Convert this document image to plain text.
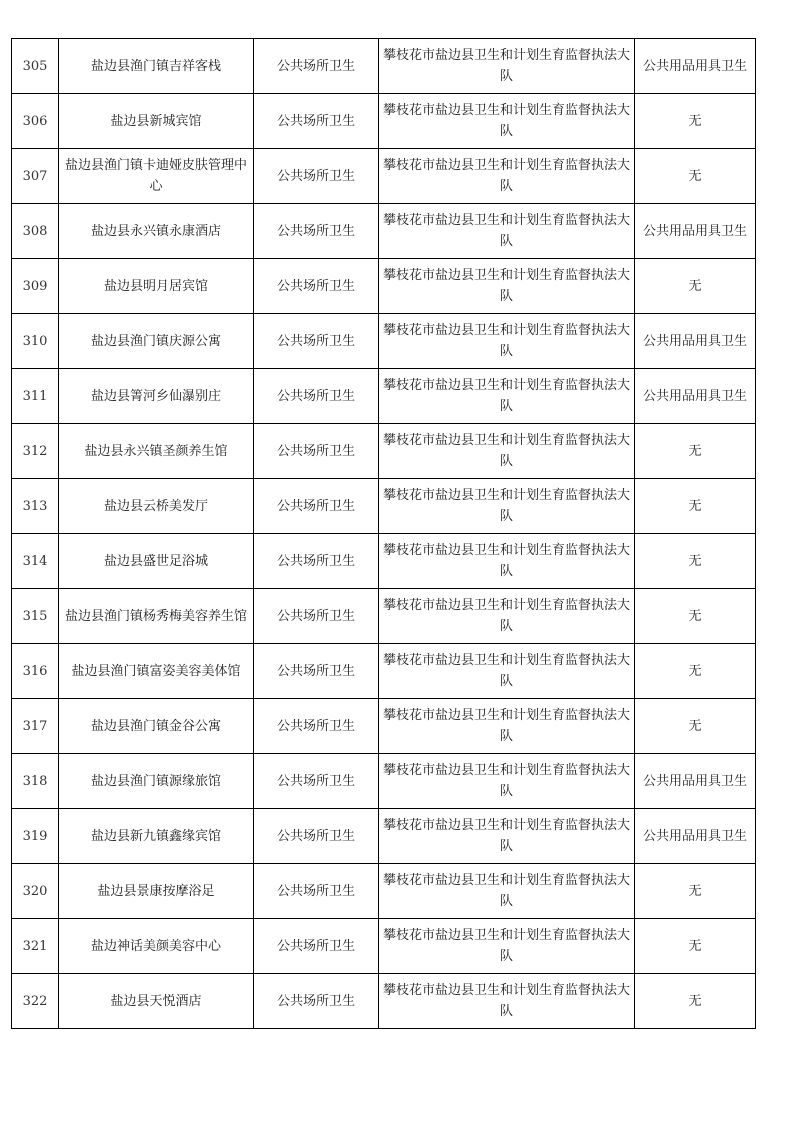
305	盐边县渔门镇吉祥客栈	公共场所卫生	攀枝花市盐边县卫生和计划生育监督执法大队	公共用品用具卫生
306	盐边县新城宾馆	公共场所卫生	攀枝花市盐边县卫生和计划生育监督执法大队	无
307	盐边县渔门镇卡迪娅皮肤管理中心	公共场所卫生	攀枝花市盐边县卫生和计划生育监督执法大队	无
308	盐边县永兴镇永康酒店	公共场所卫生	攀枝花市盐边县卫生和计划生育监督执法大队	公共用品用具卫生
309	盐边县明月居宾馆	公共场所卫生	攀枝花市盐边县卫生和计划生育监督执法大队	无
310	盐边县渔门镇庆源公寓	公共场所卫生	攀枝花市盐边县卫生和计划生育监督执法大队	公共用品用具卫生
311	盐边县箐河乡仙瀑别庄	公共场所卫生	攀枝花市盐边县卫生和计划生育监督执法大队	公共用品用具卫生
312	盐边县永兴镇圣颜养生馆	公共场所卫生	攀枝花市盐边县卫生和计划生育监督执法大队	无
313	盐边县云桥美发厅	公共场所卫生	攀枝花市盐边县卫生和计划生育监督执法大队	无
314	盐边县盛世足浴城	公共场所卫生	攀枝花市盐边县卫生和计划生育监督执法大队	无
315	盐边县渔门镇杨秀梅美容养生馆	公共场所卫生	攀枝花市盐边县卫生和计划生育监督执法大队	无
316	盐边县渔门镇富姿美容美体馆	公共场所卫生	攀枝花市盐边县卫生和计划生育监督执法大队	无
317	盐边县渔门镇金谷公寓	公共场所卫生	攀枝花市盐边县卫生和计划生育监督执法大队	无
318	盐边县渔门镇源缘旅馆	公共场所卫生	攀枝花市盐边县卫生和计划生育监督执法大队	公共用品用具卫生
319	盐边县新九镇鑫缘宾馆	公共场所卫生	攀枝花市盐边县卫生和计划生育监督执法大队	公共用品用具卫生
320	盐边县景康按摩浴足	公共场所卫生	攀枝花市盐边县卫生和计划生育监督执法大队	无
321	盐边神话美颜美容中心	公共场所卫生	攀枝花市盐边县卫生和计划生育监督执法大队	无
322	盐边县天悦酒店	公共场所卫生	攀枝花市盐边县卫生和计划生育监督执法大队	无
